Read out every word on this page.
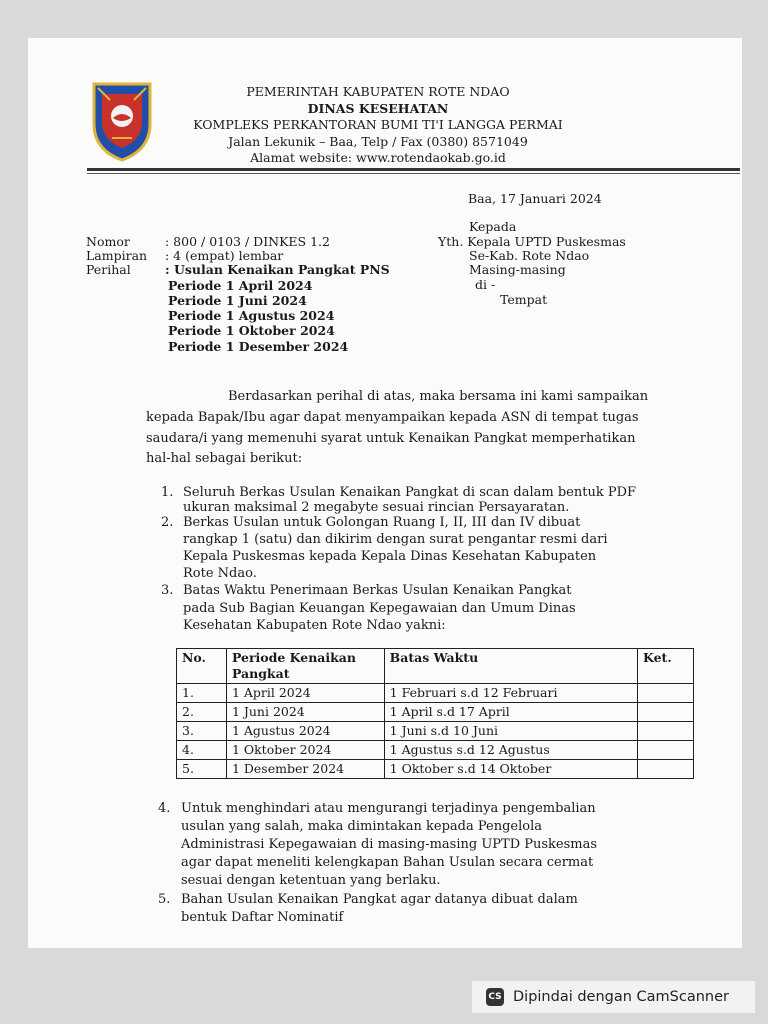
PEMERINTAH KABUPATEN ROTE NDAO
DINAS KESEHATAN
KOMPLEKS PERKANTORAN BUMI TI'I LANGGA PERMAI
Jalan Lekunik – Baa, Telp / Fax (0380) 8571049
Alamat website: www.rotendaokab.go.id
Baa, 17 Januari 2024
Kepada
Yth. Kepala UPTD Puskesmas
Se-Kab. Rote Ndao
Masing-masing
di -
Tempat
Nomor	: 800 / 0103 / DINKES 1.2
Lampiran : 4 (empat) lembar
Perihal	: Usulan Kenaikan Pangkat PNS
Periode 1 April 2024
Periode 1 Juni 2024
Periode 1 Agustus 2024
Periode 1 Oktober 2024
Periode 1 Desember 2024
Berdasarkan perihal di atas, maka bersama ini kami sampaikan
kepada Bapak/Ibu agar dapat menyampaikan kepada ASN di tempat tugas
saudara/i yang memenuhi syarat untuk Kenaikan Pangkat memperhatikan
hal-hal sebagai berikut:
1. Seluruh Berkas Usulan Kenaikan Pangkat di scan dalam bentuk PDF
ukuran maksimal 2 megabyte sesuai rincian Persayaratan.
2. Berkas Usulan untuk Golongan Ruang I, II, III dan IV dibuat
rangkap 1 (satu) dan dikirim dengan surat pengantar resmi dari
Kepala Puskesmas kepada Kepala Dinas Kesehatan Kabupaten
Rote Ndao.
3. Batas Waktu Penerimaan Berkas Usulan Kenaikan Pangkat
pada Sub Bagian Keuangan Kepegawaian dan Umum Dinas
Kesehatan Kabupaten Rote Ndao yakni:
No.	Periode Kenaikan Pangkat	Batas Waktu	Ket.
1.	1 April 2024	1 Februari s.d 12 Februari	
2.	1 Juni 2024	1 April s.d 17 April	
3.	1 Agustus 2024	1 Juni s.d 10 Juni	
4.	1 Oktober 2024	1 Agustus s.d 12 Agustus	
5.	1 Desember 2024	1 Oktober s.d 14 Oktober	
4. Untuk menghindari atau mengurangi terjadinya pengembalian
usulan yang salah, maka dimintakan kepada Pengelola
Administrasi Kepegawaian di masing-masing UPTD Puskesmas
agar dapat meneliti kelengkapan Bahan Usulan secara cermat
sesuai dengan ketentuan yang berlaku.
5. Bahan Usulan Kenaikan Pangkat agar datanya dibuat dalam
bentuk Daftar Nominatif
CS Dipindai dengan CamScanner
